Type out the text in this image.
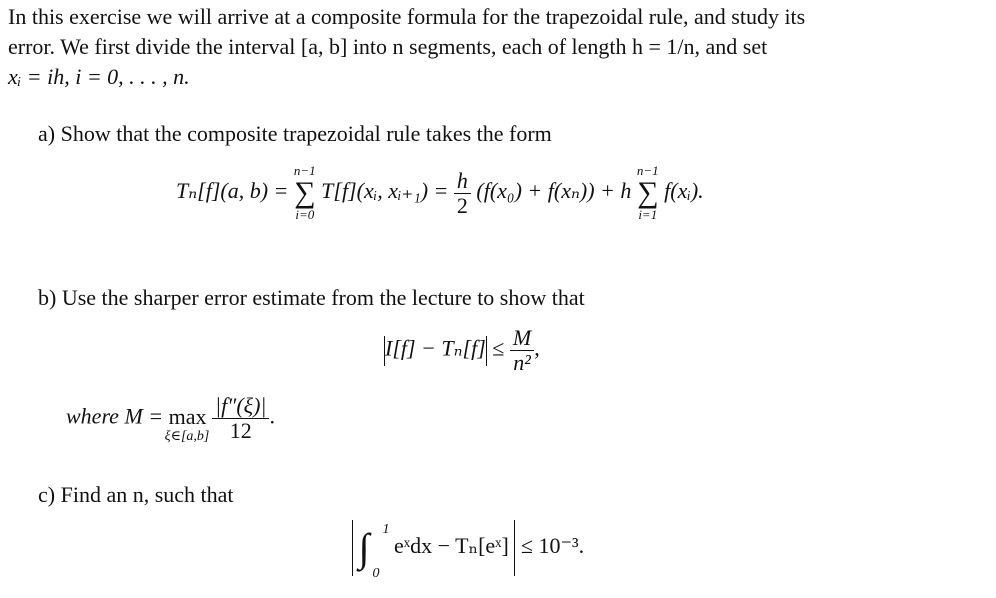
In this exercise we will arrive at a composite formula for the trapezoidal rule, and study its

error. We first divide the interval [a, b] into n segments, each of length h = 1/n, and set

xᵢ = ih, i = 0, . . . , n.

a) Show that the composite trapezoidal rule takes the form
Tₙ[f](a, b) =
n−1
∑
i=0
T[f](xᵢ, xᵢ₊₁) = $\frac{h}{2} (f(x_0) + f(x_n)) + h$
n−1
∑
i=1
f(xᵢ).
b) Use the sharper error estimate from the lecture to show that
$I[f] - T_n[f] \le \frac{M}{\text{n²}}$ ,
where M = max
ξ∈[a,b]
$\frac{|f''(\xi)|}{12}$ .
c) Find an n, such that
∫ 1
0
eˣdx − Tₙ[eˣ] ≤ 10⁻³.
